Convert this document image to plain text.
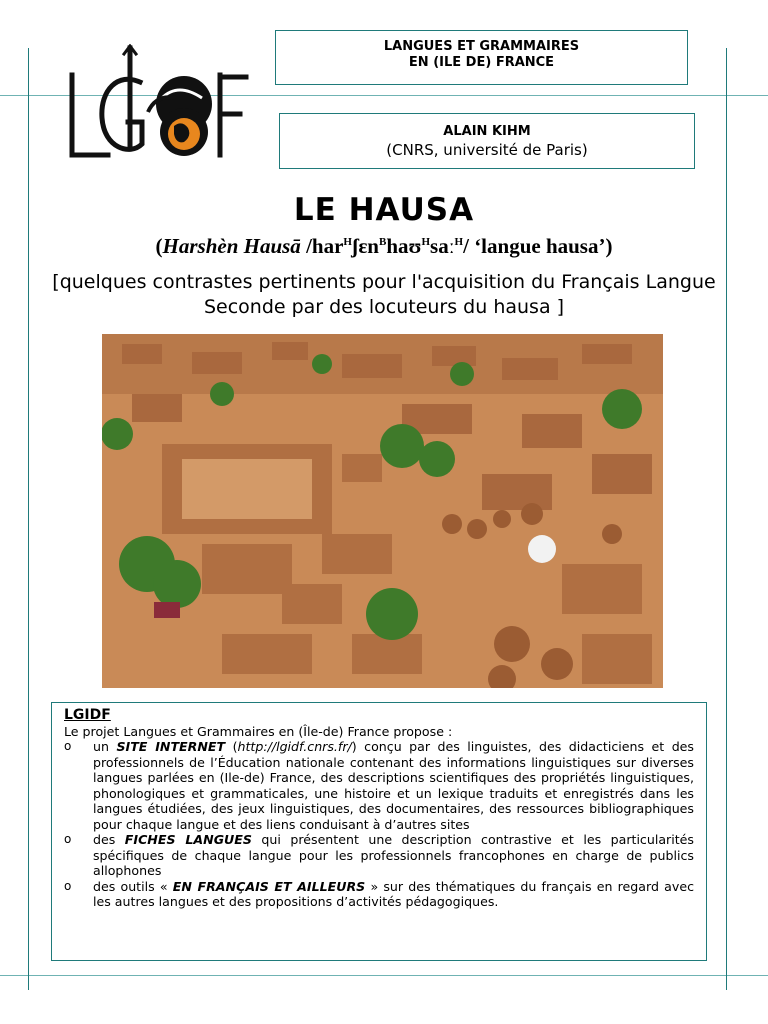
LGIDF	LANGUES ET GRAMMAIRES
EN (ILE DE) FRANCE
ALAIN KIHM
(CNRS, université de Paris)
LE HAUSA
(Harshèn Hausā /har$^H$ʃɛn$^B$haʊ$^H$saː$^H$/ ‘langue hausa’)
[quelques contrastes pertinents pour l'acquisition du Français Langue Seconde par des locuteurs du hausa ]
LGIDF
Le projet Langues et Grammaires en (Île-de) France propose :
o un SITE INTERNET (http://lgidf.cnrs.fr/) conçu par des linguistes, des didacticiens et des professionnels de l’Éducation nationale contenant des informations linguistiques sur diverses langues parlées en (Ile-de) France, des descriptions scientifiques des propriétés linguistiques, phonologiques et grammaticales, une histoire et un lexique traduits et enregistrés dans les langues étudiées, des jeux linguistiques, des documentaires, des ressources bibliographiques pour chaque langue et des liens conduisant à d’autres sites
o des FICHES LANGUES qui présentent une description contrastive et les particularités spécifiques de chaque langue pour les professionnels francophones en charge de publics allophones
o des outils « EN FRANÇAIS ET AILLEURS » sur des thématiques du français en regard avec les autres langues et des propositions d’activités pédagogiques.
